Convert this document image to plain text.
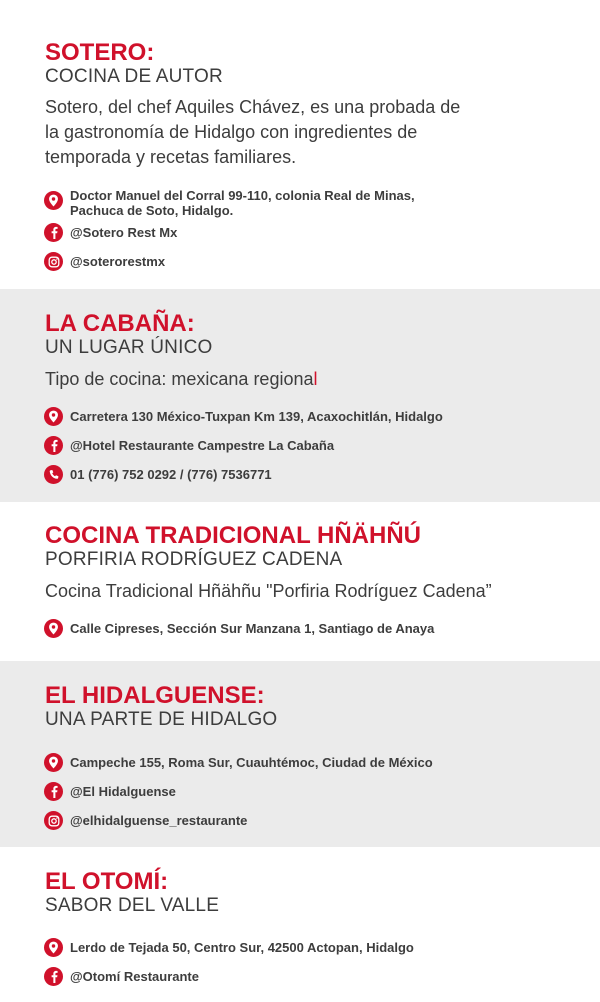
SOTERO:

COCINA DE AUTOR

Sotero, del chef Aquiles Chávez, es una probada de
la gastronomía de Hidalgo con ingredientes de
temporada y recetas familiares.

Doctor Manuel del Corral 99-110, colonia Real de Minas,
Pachuca de Soto, Hidalgo.
@Sotero Rest Mx
@soterorestmx
LA CABAÑA:

UN LUGAR ÚNICO

Tipo de cocina: mexicana regional

Carretera 130 México-Tuxpan Km 139, Acaxochitlán, Hidalgo
@Hotel Restaurante Campestre La Cabaña
01 (776) 752 0292 / (776) 7536771
COCINA TRADICIONAL HÑÄHÑÚ

PORFIRIA RODRÍGUEZ CADENA

Cocina Tradicional Hñähñu "Porfiria Rodríguez Cadena”

Calle Cipreses, Sección Sur Manzana 1, Santiago de Anaya
EL HIDALGUENSE:

UNA PARTE DE HIDALGO

Campeche 155, Roma Sur, Cuauhtémoc, Ciudad de México
@El Hidalguense
@elhidalguense_restaurante
EL OTOMÍ:

SABOR DEL VALLE

Lerdo de Tejada 50, Centro Sur, 42500 Actopan, Hidalgo
@Otomí Restaurante
